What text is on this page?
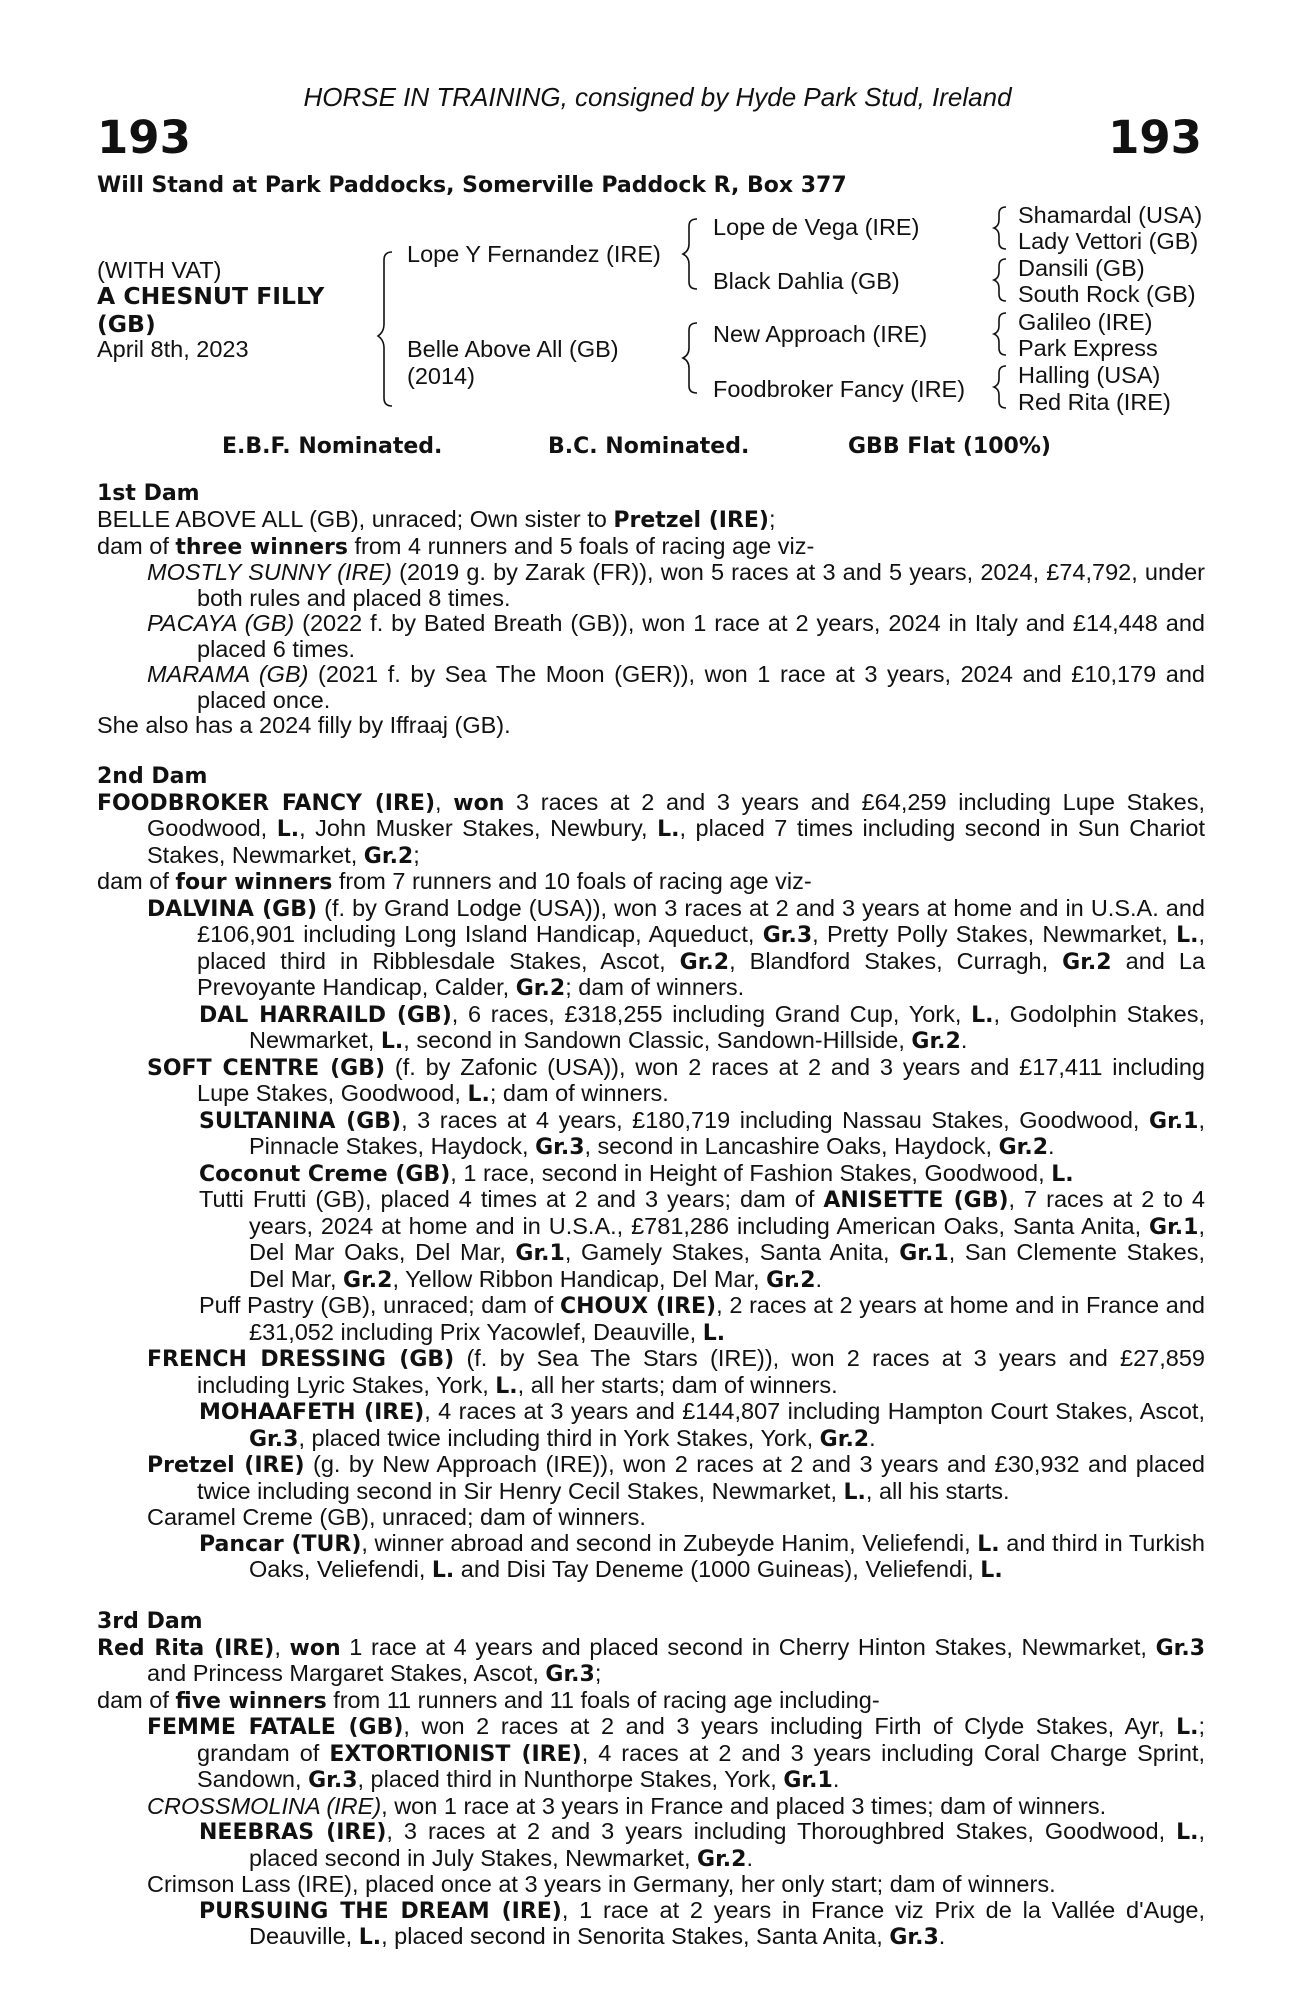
HORSE IN TRAINING, consigned by Hyde Park Stud, Ireland
193	193
Will Stand at Park Paddocks, Somerville Paddock R, Box 377
(WITH VAT)
A CHESNUT FILLY
(GB)
April 8th, 2023
Lope Y Fernandez (IRE)
Belle Above All (GB)
(2014)
Lope de Vega (IRE)
Black Dahlia (GB)
New Approach (IRE)
Foodbroker Fancy (IRE)
Shamardal (USA)
Lady Vettori (GB)
Dansili (GB)
South Rock (GB)
Galileo (IRE)
Park Express
Halling (USA)
Red Rita (IRE)
E.B.F. Nominated.	B.C. Nominated.	GBB Flat (100%)
1st Dam
BELLE ABOVE ALL (GB), unraced; Own sister to Pretzel (IRE);
dam of three winners from 4 runners and 5 foals of racing age viz-
MOSTLY SUNNY (IRE) (2019 g. by Zarak (FR)), won 5 races at 3 and 5 years, 2024, £74,792, under both rules and placed 8 times.
PACAYA (GB) (2022 f. by Bated Breath (GB)), won 1 race at 2 years, 2024 in Italy and £14,448 and placed 6 times.
MARAMA (GB) (2021 f. by Sea The Moon (GER)), won 1 race at 3 years, 2024 and £10,179 and placed once.
She also has a 2024 filly by Iffraaj (GB).
2nd Dam
FOODBROKER FANCY (IRE), won 3 races at 2 and 3 years and £64,259 including Lupe Stakes, Goodwood, L., John Musker Stakes, Newbury, L., placed 7 times including second in Sun Chariot Stakes, Newmarket, Gr.2;
dam of four winners from 7 runners and 10 foals of racing age viz-
DALVINA (GB) (f. by Grand Lodge (USA)), won 3 races at 2 and 3 years at home and in U.S.A. and £106,901 including Long Island Handicap, Aqueduct, Gr.3, Pretty Polly Stakes, Newmarket, L., placed third in Ribblesdale Stakes, Ascot, Gr.2, Blandford Stakes, Curragh, Gr.2 and La Prevoyante Handicap, Calder, Gr.2; dam of winners.
DAL HARRAILD (GB), 6 races, £318,255 including Grand Cup, York, L., Godolphin Stakes, Newmarket, L., second in Sandown Classic, Sandown-Hillside, Gr.2.
SOFT CENTRE (GB) (f. by Zafonic (USA)), won 2 races at 2 and 3 years and £17,411 including Lupe Stakes, Goodwood, L.; dam of winners.
SULTANINA (GB), 3 races at 4 years, £180,719 including Nassau Stakes, Goodwood, Gr.1, Pinnacle Stakes, Haydock, Gr.3, second in Lancashire Oaks, Haydock, Gr.2.
Coconut Creme (GB), 1 race, second in Height of Fashion Stakes, Goodwood, L.
Tutti Frutti (GB), placed 4 times at 2 and 3 years; dam of ANISETTE (GB), 7 races at 2 to 4 years, 2024 at home and in U.S.A., £781,286 including American Oaks, Santa Anita, Gr.1, Del Mar Oaks, Del Mar, Gr.1, Gamely Stakes, Santa Anita, Gr.1, San Clemente Stakes, Del Mar, Gr.2, Yellow Ribbon Handicap, Del Mar, Gr.2.
Puff Pastry (GB), unraced; dam of CHOUX (IRE), 2 races at 2 years at home and in France and £31,052 including Prix Yacowlef, Deauville, L.
FRENCH DRESSING (GB) (f. by Sea The Stars (IRE)), won 2 races at 3 years and £27,859 including Lyric Stakes, York, L., all her starts; dam of winners.
MOHAAFETH (IRE), 4 races at 3 years and £144,807 including Hampton Court Stakes, Ascot, Gr.3, placed twice including third in York Stakes, York, Gr.2.
Pretzel (IRE) (g. by New Approach (IRE)), won 2 races at 2 and 3 years and £30,932 and placed twice including second in Sir Henry Cecil Stakes, Newmarket, L., all his starts.
Caramel Creme (GB), unraced; dam of winners.
Pancar (TUR), winner abroad and second in Zubeyde Hanim, Veliefendi, L. and third in Turkish Oaks, Veliefendi, L. and Disi Tay Deneme (1000 Guineas), Veliefendi, L.
3rd Dam
Red Rita (IRE), won 1 race at 4 years and placed second in Cherry Hinton Stakes, Newmarket, Gr.3 and Princess Margaret Stakes, Ascot, Gr.3;
dam of five winners from 11 runners and 11 foals of racing age including-
FEMME FATALE (GB), won 2 races at 2 and 3 years including Firth of Clyde Stakes, Ayr, L.; grandam of EXTORTIONIST (IRE), 4 races at 2 and 3 years including Coral Charge Sprint, Sandown, Gr.3, placed third in Nunthorpe Stakes, York, Gr.1.
CROSSMOLINA (IRE), won 1 race at 3 years in France and placed 3 times; dam of winners.
NEEBRAS (IRE), 3 races at 2 and 3 years including Thoroughbred Stakes, Goodwood, L., placed second in July Stakes, Newmarket, Gr.2.
Crimson Lass (IRE), placed once at 3 years in Germany, her only start; dam of winners.
PURSUING THE DREAM (IRE), 1 race at 2 years in France viz Prix de la Vallée d'Auge, Deauville, L., placed second in Senorita Stakes, Santa Anita, Gr.3.
